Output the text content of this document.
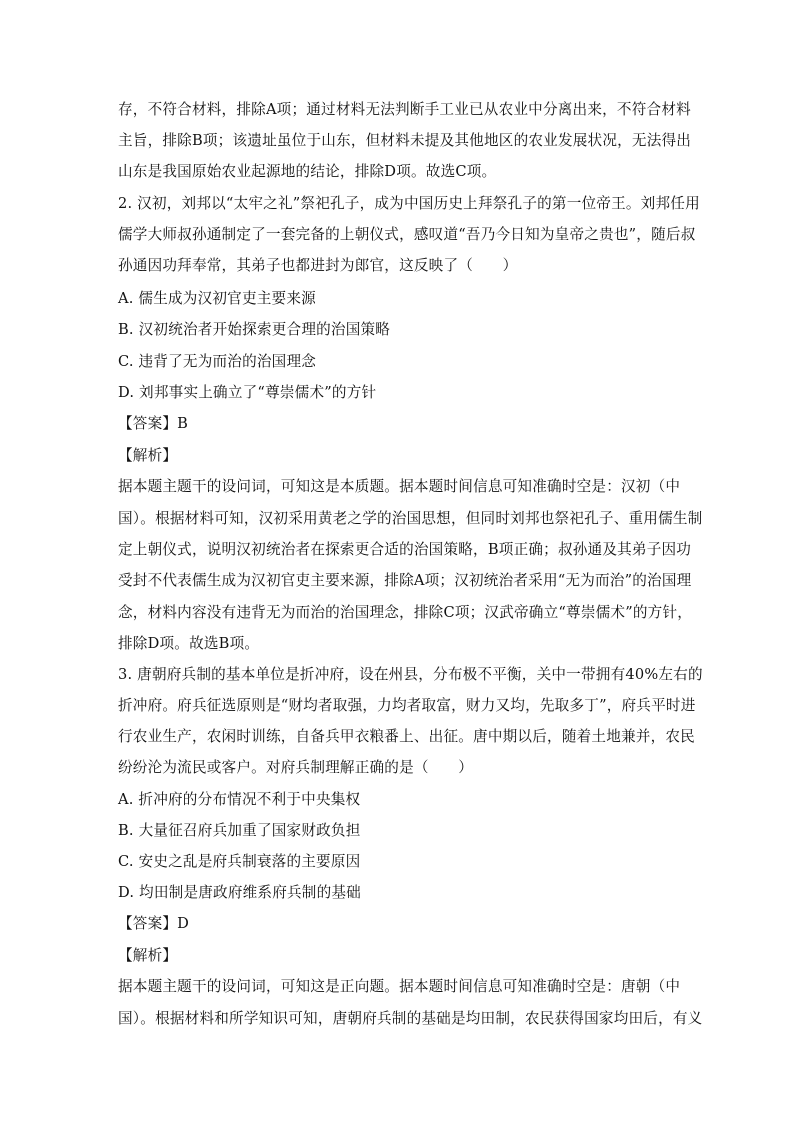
存，不符合材料，排除A项；通过材料无法判断手工业已从农业中分离出来，不符合材料
主旨，排除B项；该遗址虽位于山东，但材料未提及其他地区的农业发展状况，无法得出
山东是我国原始农业起源地的结论，排除D项。故选C项。
2. 汉初，刘邦以“太牢之礼”祭祀孔子，成为中国历史上拜祭孔子的第一位帝王。刘邦任用
儒学大师叔孙通制定了一套完备的上朝仪式，感叹道“吾乃今日知为皇帝之贵也”，随后叔
孙通因功拜奉常，其弟子也都进封为郎官，这反映了（　　）
A. 儒生成为汉初官吏主要来源
B. 汉初统治者开始探索更合理的治国策略
C. 违背了无为而治的治国理念
D. 刘邦事实上确立了“尊崇儒术”的方针
【答案】B
【解析】
据本题主题干的设问词，可知这是本质题。据本题时间信息可知准确时空是：汉初（中
国）。根据材料可知，汉初采用黄老之学的治国思想，但同时刘邦也祭祀孔子、重用儒生制
定上朝仪式，说明汉初统治者在探索更合适的治国策略，B项正确；叔孙通及其弟子因功
受封不代表儒生成为汉初官吏主要来源，排除A项；汉初统治者采用“无为而治”的治国理
念，材料内容没有违背无为而治的治国理念，排除C项；汉武帝确立“尊崇儒术”的方针，
排除D项。故选B项。
3. 唐朝府兵制的基本单位是折冲府，设在州县，分布极不平衡，关中一带拥有40%左右的
折冲府。府兵征选原则是“财均者取强，力均者取富，财力又均，先取多丁”，府兵平时进
行农业生产，农闲时训练，自备兵甲衣粮番上、出征。唐中期以后，随着土地兼并，农民
纷纷沦为流民或客户。对府兵制理解正确的是（　　）
A. 折冲府的分布情况不利于中央集权
B. 大量征召府兵加重了国家财政负担
C. 安史之乱是府兵制衰落的主要原因
D. 均田制是唐政府维系府兵制的基础
【答案】D
【解析】
据本题主题干的设问词，可知这是正向题。据本题时间信息可知准确时空是：唐朝（中
国）。根据材料和所学知识可知，唐朝府兵制的基础是均田制，农民获得国家均田后，有义
